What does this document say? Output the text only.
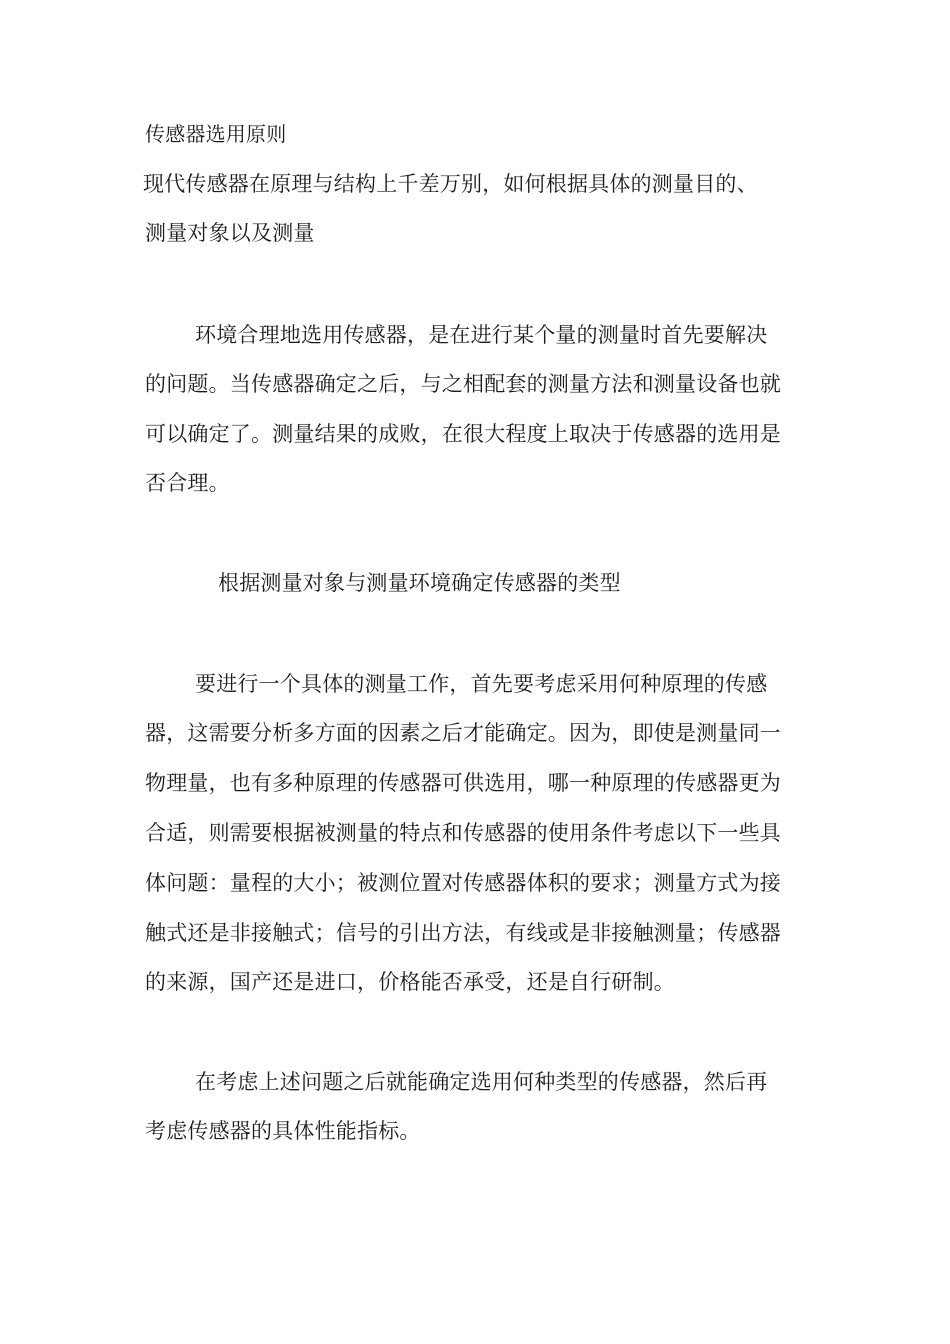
传感器选用原则

现代传感器在原理与结构上千差万别，如何根据具体的测量目的、

测量对象以及测量

环境合理地选用传感器，是在进行某个量的测量时首先要解决

的问题。当传感器确定之后，与之相配套的测量方法和测量设备也就

可以确定了。测量结果的成败，在很大程度上取决于传感器的选用是

否合理。

根据测量对象与测量环境确定传感器的类型

要进行一个具体的测量工作，首先要考虑采用何种原理的传感

器，这需要分析多方面的因素之后才能确定。因为，即使是测量同一

物理量，也有多种原理的传感器可供选用，哪一种原理的传感器更为

合适，则需要根据被测量的特点和传感器的使用条件考虑以下一些具

体问题：量程的大小；被测位置对传感器体积的要求；测量方式为接

触式还是非接触式；信号的引出方法，有线或是非接触测量；传感器

的来源，国产还是进口，价格能否承受，还是自行研制。

在考虑上述问题之后就能确定选用何种类型的传感器，然后再

考虑传感器的具体性能指标。
